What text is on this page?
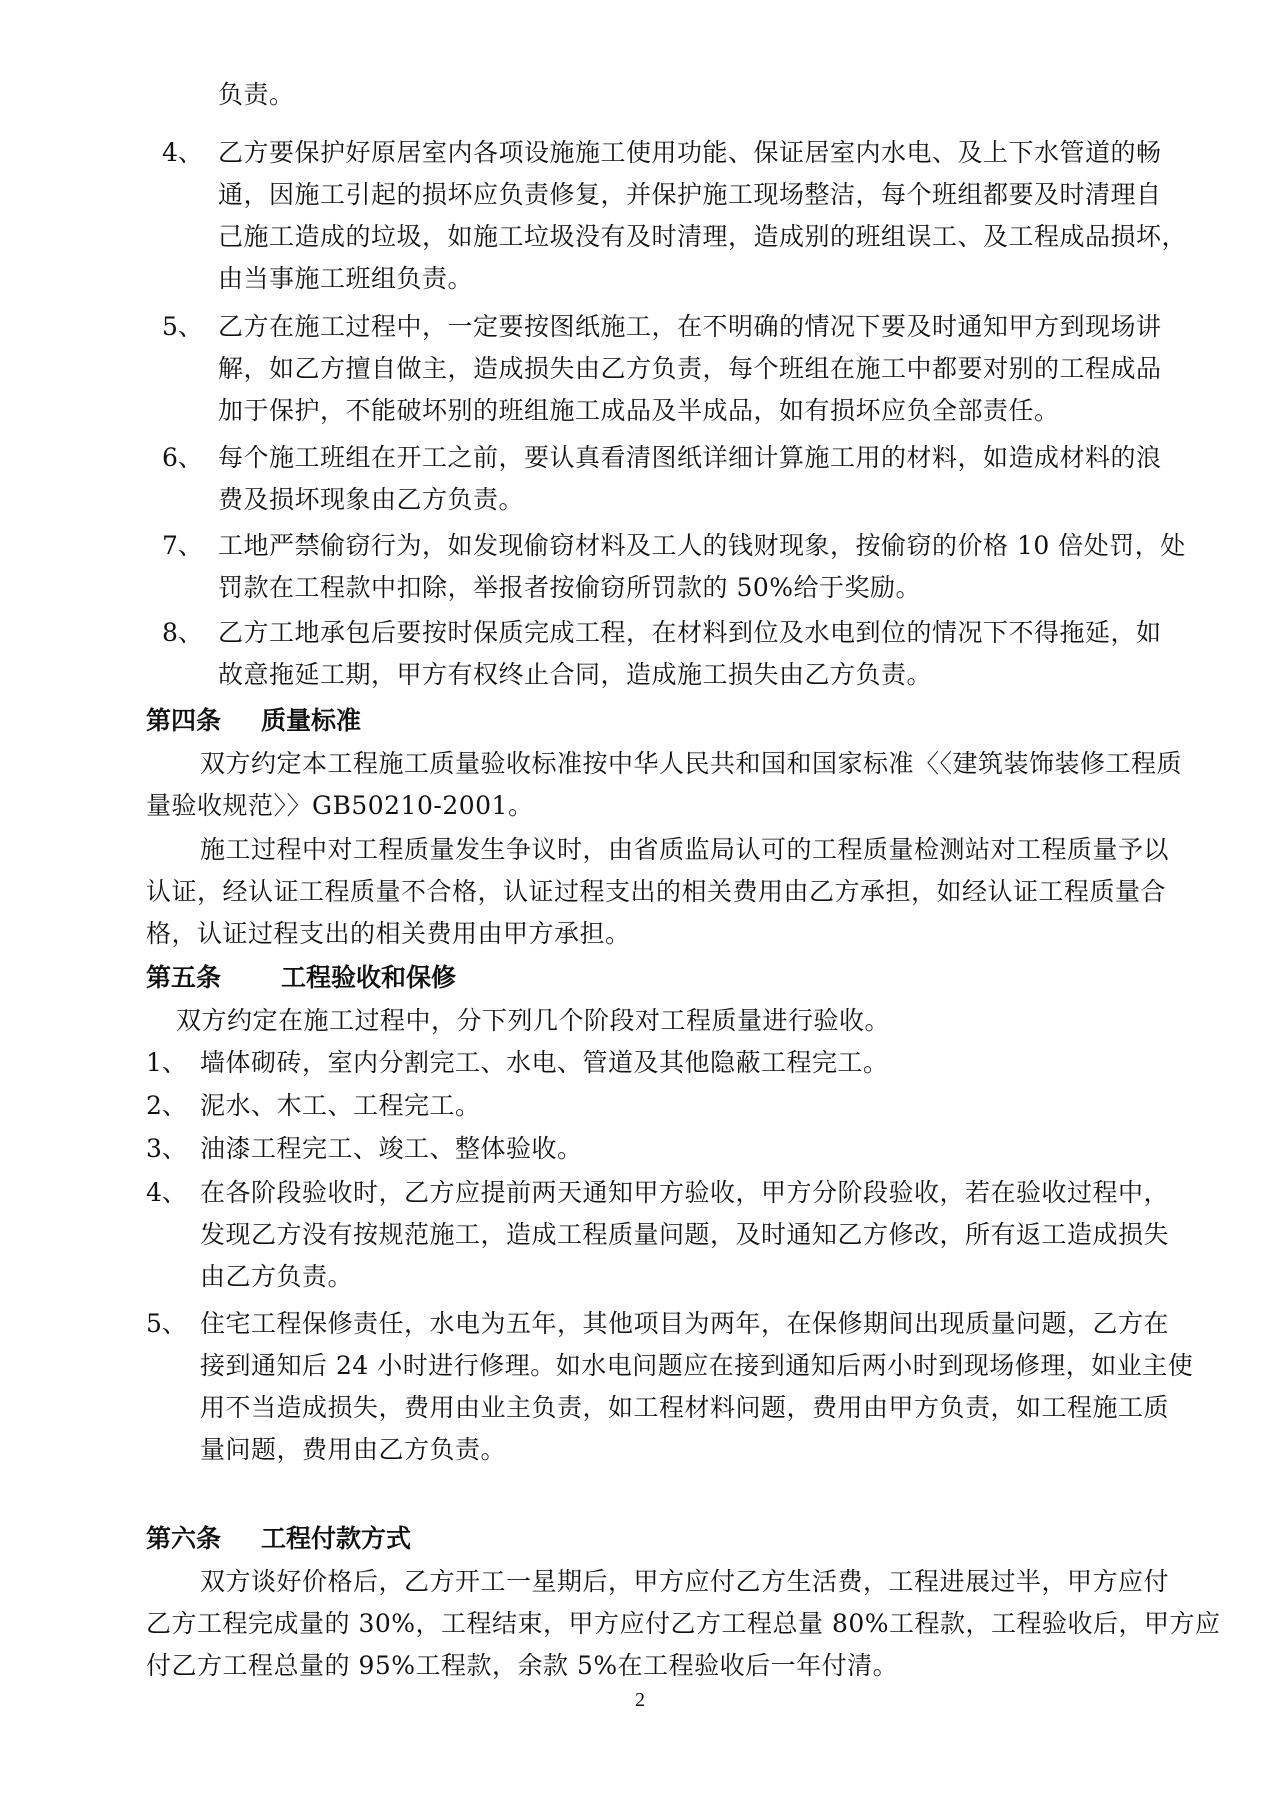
负责。
4、 乙方要保护好原居室内各项设施施工使用功能、保证居室内水电、及上下水管道的畅
通，因施工引起的损坏应负责修复，并保护施工现场整洁，每个班组都要及时清理自
己施工造成的垃圾，如施工垃圾没有及时清理，造成别的班组误工、及工程成品损坏，
由当事施工班组负责。
5、 乙方在施工过程中，一定要按图纸施工，在不明确的情况下要及时通知甲方到现场讲
解，如乙方擅自做主，造成损失由乙方负责，每个班组在施工中都要对别的工程成品
加于保护，不能破坏别的班组施工成品及半成品，如有损坏应负全部责任。
6、 每个施工班组在开工之前，要认真看清图纸详细计算施工用的材料，如造成材料的浪
费及损坏现象由乙方负责。
7、 工地严禁偷窃行为，如发现偷窃材料及工人的钱财现象，按偷窃的价格 10 倍处罚，处
罚款在工程款中扣除，举报者按偷窃所罚款的 50%给于奖励。
8、 乙方工地承包后要按时保质完成工程，在材料到位及水电到位的情况下不得拖延，如
故意拖延工期，甲方有权终止合同，造成施工损失由乙方负责。
第四条 质量标准
双方约定本工程施工质量验收标准按中华人民共和国和国家标准〈〈建筑装饰装修工程质
量验收规范〉〉GB50210-2001。
施工过程中对工程质量发生争议时，由省质监局认可的工程质量检测站对工程质量予以
认证，经认证工程质量不合格，认证过程支出的相关费用由乙方承担，如经认证工程质量合
格，认证过程支出的相关费用由甲方承担。
第五条 工程验收和保修
双方约定在施工过程中，分下列几个阶段对工程质量进行验收。
1、 墙体砌砖，室内分割完工、水电、管道及其他隐蔽工程完工。
2、 泥水、木工、工程完工。
3、 油漆工程完工、竣工、整体验收。
4、 在各阶段验收时，乙方应提前两天通知甲方验收，甲方分阶段验收，若在验收过程中，
发现乙方没有按规范施工，造成工程质量问题，及时通知乙方修改，所有返工造成损失
由乙方负责。
5、 住宅工程保修责任，水电为五年，其他项目为两年，在保修期间出现质量问题，乙方在
接到通知后 24 小时进行修理。如水电问题应在接到通知后两小时到现场修理，如业主使
用不当造成损失，费用由业主负责，如工程材料问题，费用由甲方负责，如工程施工质
量问题，费用由乙方负责。
第六条 工程付款方式
双方谈好价格后，乙方开工一星期后，甲方应付乙方生活费，工程进展过半，甲方应付
乙方工程完成量的 30%，工程结束，甲方应付乙方工程总量 80%工程款，工程验收后，甲方应
付乙方工程总量的 95%工程款，余款 5%在工程验收后一年付清。
2
